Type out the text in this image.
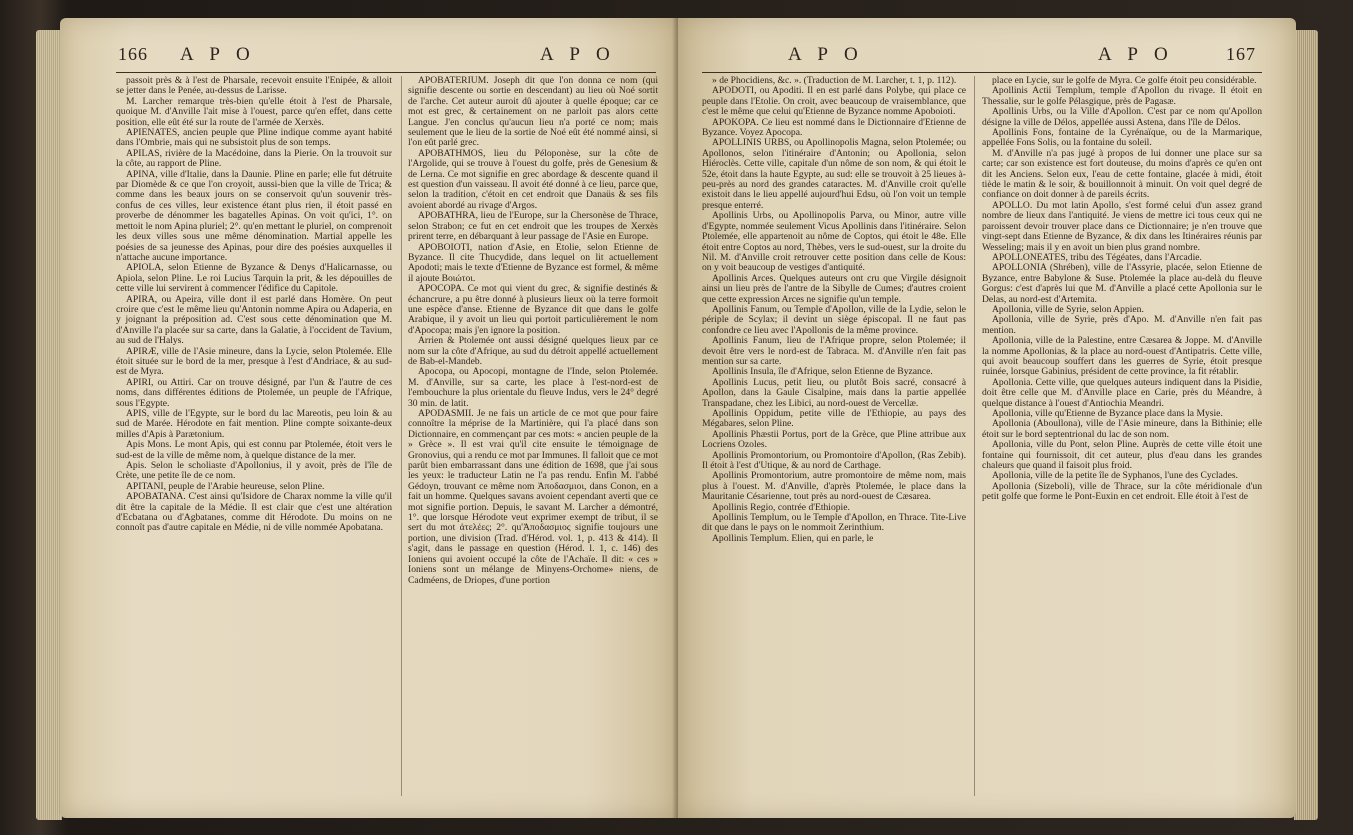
166 A P O	A P O

passoit près & à l'est de Pharsale, recevoit ensuite l'Enipée, & alloit se jetter dans le Penée, au-dessus de Larisse.

M. Larcher remarque très-bien qu'elle étoit à l'est de Pharsale, quoique M. d'Anville l'ait mise à l'ouest, parce qu'en effet, dans cette position, elle eût été sur la route de l'armée de Xerxès.

APIENATES, ancien peuple que Pline indique comme ayant habité dans l'Ombrie, mais qui ne subsistoit plus de son temps.

APILAS, rivière de la Macédoine, dans la Pierie. On la trouvoit sur la côte, au rapport de Pline.

APINA, ville d'Italie, dans la Daunie. Pline en parle; elle fut détruite par Diomède & ce que l'on croyoit, aussi-bien que la ville de Trica; & comme dans les beaux jours on se conservoit qu'un souvenir très-confus de ces villes, leur existence étant plus rien, il étoit passé en proverbe de dénommer les bagatelles Apinas. On voit qu'ici, 1°. on mettoit le nom Apina pluriel; 2°. qu'en mettant le pluriel, on comprenoit les deux villes sous une même dénomination. Martial appelle les poésies de sa jeunesse des Apinas, pour dire des poésies auxquelles il n'attache aucune importance.

APIOLA, selon Etienne de Byzance & Denys d'Halicarnasse, ou Apiola, selon Pline. Le roi Lucius Tarquin la prit, & les dépouilles de cette ville lui servirent à commencer l'édifice du Capitole.

APIRA, ou Apeira, ville dont il est parlé dans Homère. On peut croire que c'est le même lieu qu'Antonin nomme Apira ou Adaperia, en y joignant la préposition ad. C'est sous cette dénomination que M. d'Anville l'a placée sur sa carte, dans la Galatie, à l'occident de Tavium, au sud de l'Halys.

APIRÆ, ville de l'Asie mineure, dans la Lycie, selon Ptolemée. Elle étoit située sur le bord de la mer, presque à l'est d'Andriace, & au sud-est de Myra.

APIRI, ou Attiri. Car on trouve désigné, par l'un & l'autre de ces noms, dans différentes éditions de Ptolemée, un peuple de l'Afrique, sous l'Egypte.

APIS, ville de l'Egypte, sur le bord du lac Mareotis, peu loin & au sud de Marée. Hérodote en fait mention. Pline compte soixante-deux milles d'Apis à Parætonium.

Apis Mons. Le mont Apis, qui est connu par Ptolemée, étoit vers le sud-est de la ville de même nom, à quelque distance de la mer.

Apis. Selon le scholiaste d'Apollonius, il y avoit, près de l'île de Crète, une petite île de ce nom.

APITANI, peuple de l'Arabie heureuse, selon Pline.

APOBATANA. C'est ainsi qu'Isidore de Charax nomme la ville qu'il dit être la capitale de la Médie. Il est clair que c'est une altération d'Ecbatana ou d'Agbatanes, comme dit Hérodote. Du moins on ne connoît pas d'autre capitale en Médie, ni de ville nommée Apobatana.

APOBATERIUM. Joseph dit que l'on donna ce nom (qui signifie descente ou sortie en descendant) au lieu où Noé sortit de l'arche. Cet auteur auroit dû ajouter à quelle époque; car ce mot est grec, & certainement on ne parloit pas alors cette Langue. J'en conclus qu'aucun lieu n'a porté ce nom; mais seulement que le lieu de la sortie de Noé eût été nommé ainsi, si l'on eût parlé grec.

APOBATHMOS, lieu du Péloponèse, sur la côte de l'Argolide, qui se trouve à l'ouest du golfe, près de Genesium & de Lerna. Ce mot signifie en grec abordage & descente quand il est question d'un vaisseau. Il avoit été donné à ce lieu, parce que, selon la tradition, c'étoit en cet endroit que Danaüs & ses fils avoient abordé au rivage d'Argos.

APOBATHRA, lieu de l'Europe, sur la Chersonèse de Thrace, selon Strabon; ce fut en cet endroit que les troupes de Xerxès prirent terre, en débarquant à leur passage de l'Asie en Europe.

APOBOIOTI, nation d'Asie, en Etolie, selon Etienne de Byzance. Il cite Thucydide, dans lequel on lit actuellement Apodoti; mais le texte d'Etienne de Byzance est formel, & même il ajoute Βοιώτοι.

APOCOPA. Ce mot qui vient du grec, & signifie destinés & échancrure, a pu être donné à plusieurs lieux où la terre formoit une espèce d'anse. Etienne de Byzance dit que dans le golfe Arabique, il y avoit un lieu qui portoit particulièrement le nom d'Apocopa; mais j'en ignore la position.

Arrien & Ptolemée ont aussi désigné quelques lieux par ce nom sur la côte d'Afrique, au sud du détroit appellé actuellement de Bab-el-Mandeb.

Apocopa, ou Apocopi, montagne de l'Inde, selon Ptolemée. M. d'Anville, sur sa carte, les place à l'est-nord-est de l'embouchure la plus orientale du fleuve Indus, vers le 24° degré 30 min. de latit.

APODASMII. Je ne fais un article de ce mot que pour faire connoître la méprise de la Martinière, qui l'a placé dans son Dictionnaire, en commençant par ces mots: « ancien peuple de la » Grèce ». Il est vrai qu'il cite ensuite le témoignage de Gronovius, qui a rendu ce mot par Immunes. Il falloit que ce mot parût bien embarrassant dans une édition de 1698, que j'ai sous les yeux: le traducteur Latin ne l'a pas rendu. Enfin M. l'abbé Gédoyn, trouvant ce même nom Ἀποδασμιοι, dans Conon, en a fait un homme. Quelques savans avoient cependant averti que ce mot signifie portion. Depuis, le savant M. Larcher a démontré, 1°. que lorsque Hérodote veut exprimer exempt de tribut, il se sert du mot ἀτελέες; 2°. qu'Ἀποδασμιος signifie toujours une portion, une division (Trad. d'Hérod. vol. 1, p. 413 & 414). Il s'agit, dans le passage en question (Hérod. l. 1, c. 146) des Ioniens qui avoient occupé la côte de l'Achaïe. Il dit: « ces » Ioniens sont un mélange de Minyens-Orchome» niens, de Cadméens, de Driopes, d'une portion

A P O	A P O	167

» de Phocidiens, &c. ». (Traduction de M. Larcher, t. 1, p. 112).

APODOTI, ou Apoditi. Il en est parlé dans Polybe, qui place ce peuple dans l'Etolie. On croit, avec beaucoup de vraisemblance, que c'est le même que celui qu'Etienne de Byzance nomme Apoboioti.

APOKOPA. Ce lieu est nommé dans le Dictionnaire d'Etienne de Byzance. Voyez Apocopa.

APOLLINIS URBS, ou Apollinopolis Magna, selon Ptolemée; ou Apollonos, selon l'itinéraire d'Antonin; ou Apollonia, selon Hiéroclès. Cette ville, capitale d'un nôme de son nom, & qui étoit le 52e, étoit dans la haute Egypte, au sud: elle se trouvoit à 25 lieues à-peu-près au nord des grandes cataractes. M. d'Anville croit qu'elle existoit dans le lieu appellé aujourd'hui Edsu, où l'on voit un temple presque enterré.

Apollinis Urbs, ou Apollinopolis Parva, ou Minor, autre ville d'Egypte, nommée seulement Vicus Apollinis dans l'itinéraire. Selon Ptolemée, elle appartenoit au nôme de Coptos, qui étoit le 48e. Elle étoit entre Coptos au nord, Thèbes, vers le sud-ouest, sur la droite du Nil. M. d'Anville croit retrouver cette position dans celle de Kous: on y voit beaucoup de vestiges d'antiquité.

Apollinis Arces. Quelques auteurs ont cru que Virgile désignoit ainsi un lieu près de l'antre de la Sibylle de Cumes; d'autres croient que cette expression Arces ne signifie qu'un temple.

Apollinis Fanum, ou Temple d'Apollon, ville de la Lydie, selon le périple de Scylax; il devint un siège épiscopal. Il ne faut pas confondre ce lieu avec l'Apollonis de la même province.

Apollinis Fanum, lieu de l'Afrique propre, selon Ptolemée; il devoit être vers le nord-est de Tabraca. M. d'Anville n'en fait pas mention sur sa carte.

Apollinis Insula, île d'Afrique, selon Etienne de Byzance.

Apollinis Lucus, petit lieu, ou plutôt Bois sacré, consacré à Apollon, dans la Gaule Cisalpine, mais dans la partie appellée Transpadane, chez les Libici, au nord-ouest de Vercellæ.

Apollinis Oppidum, petite ville de l'Ethiopie, au pays des Mégabares, selon Pline.

Apollinis Phæstii Portus, port de la Grèce, que Pline attribue aux Locriens Ozoles.

Apollinis Promontorium, ou Promontoire d'Apollon, (Ras Zebib). Il étoit à l'est d'Utique, & au nord de Carthage.

Apollinis Promontorium, autre promontoire de même nom, mais plus à l'ouest. M. d'Anville, d'après Ptolemée, le place dans la Mauritanie Césarienne, tout près au nord-ouest de Cæsarea.

Apollinis Regio, contrée d'Ethiopie.

Apollinis Templum, ou le Temple d'Apollon, en Thrace. Tite-Live dit que dans le pays on le nommoit Zerinthium.

Apollinis Templum. Elien, qui en parle, le

place en Lycie, sur le golfe de Myra. Ce golfe étoit peu considérable.

Apollinis Actii Templum, temple d'Apollon du rivage. Il étoit en Thessalie, sur le golfe Pélasgique, près de Pagasæ.

Apollinis Urbs, ou la Ville d'Apollon. C'est par ce nom qu'Apollon désigne la ville de Délos, appellée aussi Astena, dans l'île de Délos.

Apollinis Fons, fontaine de la Cyrénaïque, ou de la Marmarique, appellée Fons Solis, ou la fontaine du soleil.

M. d'Anville n'a pas jugé à propos de lui donner une place sur sa carte; car son existence est fort douteuse, du moins d'après ce qu'en ont dit les Anciens. Selon eux, l'eau de cette fontaine, glacée à midi, étoit tiède le matin & le soir, & bouillonnoit à minuit. On voit quel degré de confiance on doit donner à de pareils écrits.

APOLLO. Du mot latin Apollo, s'est formé celui d'un assez grand nombre de lieux dans l'antiquité. Je viens de mettre ici tous ceux qui ne paroissent devoir trouver place dans ce Dictionnaire; je n'en trouve que vingt-sept dans Etienne de Byzance, & dix dans les Itinéraires réunis par Wesseling; mais il y en avoit un bien plus grand nombre.

APOLLONEATES, tribu des Tégéates, dans l'Arcadie.

APOLLONIA (Shrében), ville de l'Assyrie, placée, selon Etienne de Byzance, entre Babylone & Suse. Ptolemée la place au-delà du fleuve Gorgus: c'est d'après lui que M. d'Anville a placé cette Apollonia sur le Delas, au nord-est d'Artemita.

Apollonia, ville de Syrie, selon Appien.

Apollonia, ville de Syrie, près d'Apo. M. d'Anville n'en fait pas mention.

Apollonia, ville de la Palestine, entre Cæsarea & Joppe. M. d'Anville la nomme Apollonias, & la place au nord-ouest d'Antipatris. Cette ville, qui avoit beaucoup souffert dans les guerres de Syrie, étoit presque ruinée, lorsque Gabinius, président de cette province, la fit rétablir.

Apollonia. Cette ville, que quelques auteurs indiquent dans la Pisidie, doit être celle que M. d'Anville place en Carie, près du Méandre, à quelque distance à l'ouest d'Antiochia Meandri.

Apollonia, ville qu'Etienne de Byzance place dans la Mysie.

Apollonia (Aboullona), ville de l'Asie mineure, dans la Bithinie; elle étoit sur le bord septentrional du lac de son nom.

Apollonia, ville du Pont, selon Pline. Auprès de cette ville étoit une fontaine qui fournissoit, dit cet auteur, plus d'eau dans les grandes chaleurs que quand il faisoit plus froid.

Apollonia, ville de la petite île de Syphanos, l'une des Cyclades.

Apollonia (Sizeboli), ville de Thrace, sur la côte méridionale d'un petit golfe que forme le Pont-Euxin en cet endroit. Elle étoit à l'est de
